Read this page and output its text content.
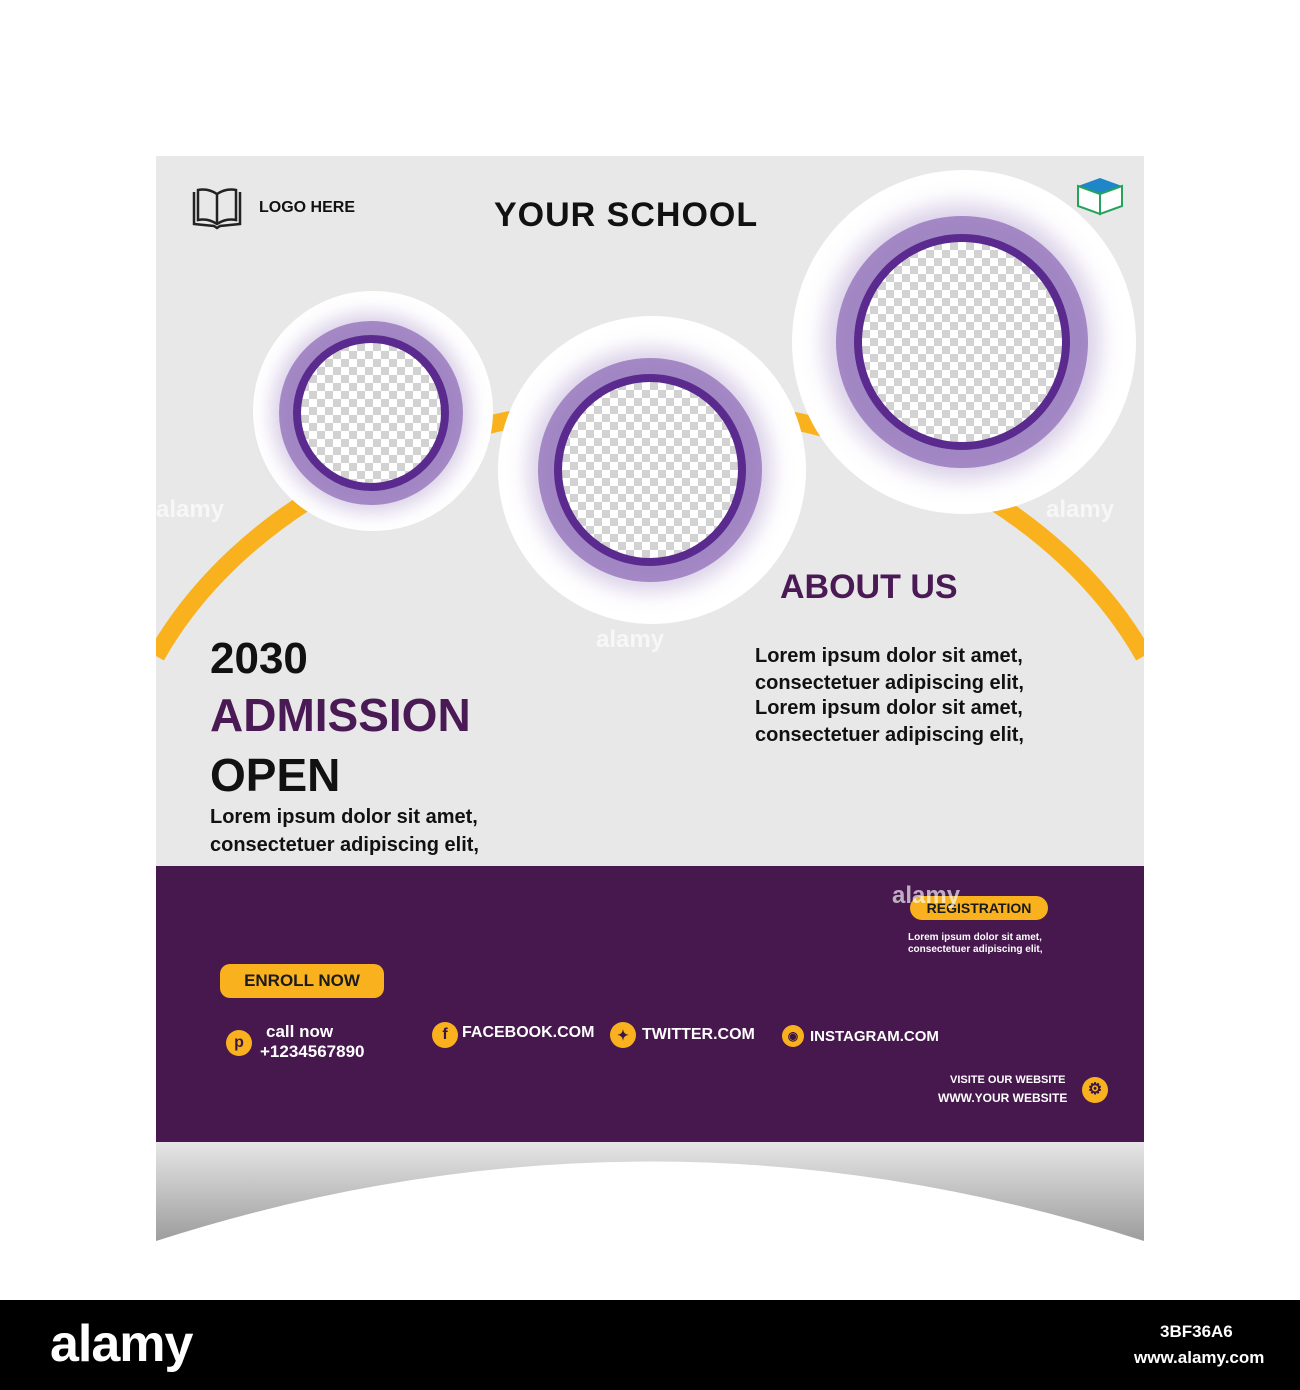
LOGO HERE	YOUR SCHOOL
2030
ADMISSION
OPEN
Lorem ipsum dolor sit amet,
consectetuer adipiscing elit,
ABOUT US
Lorem ipsum dolor sit amet,
consectetuer adipiscing elit,
Lorem ipsum dolor sit amet,
consectetuer adipiscing elit,
REGISTRATION
Lorem ipsum dolor sit amet,
consectetuer adipiscing elit,
ENROLL NOW
p
call now
+1234567890
f FACEBOOK.COM	✦ TWITTER.COM	◉ INSTAGRAM.COM
VISITE OUR WEBSITE
WWW.YOUR WEBSITE	⚙
alamy
alamy
alamy
alamy
alamy	3BF36A6
www.alamy.com
